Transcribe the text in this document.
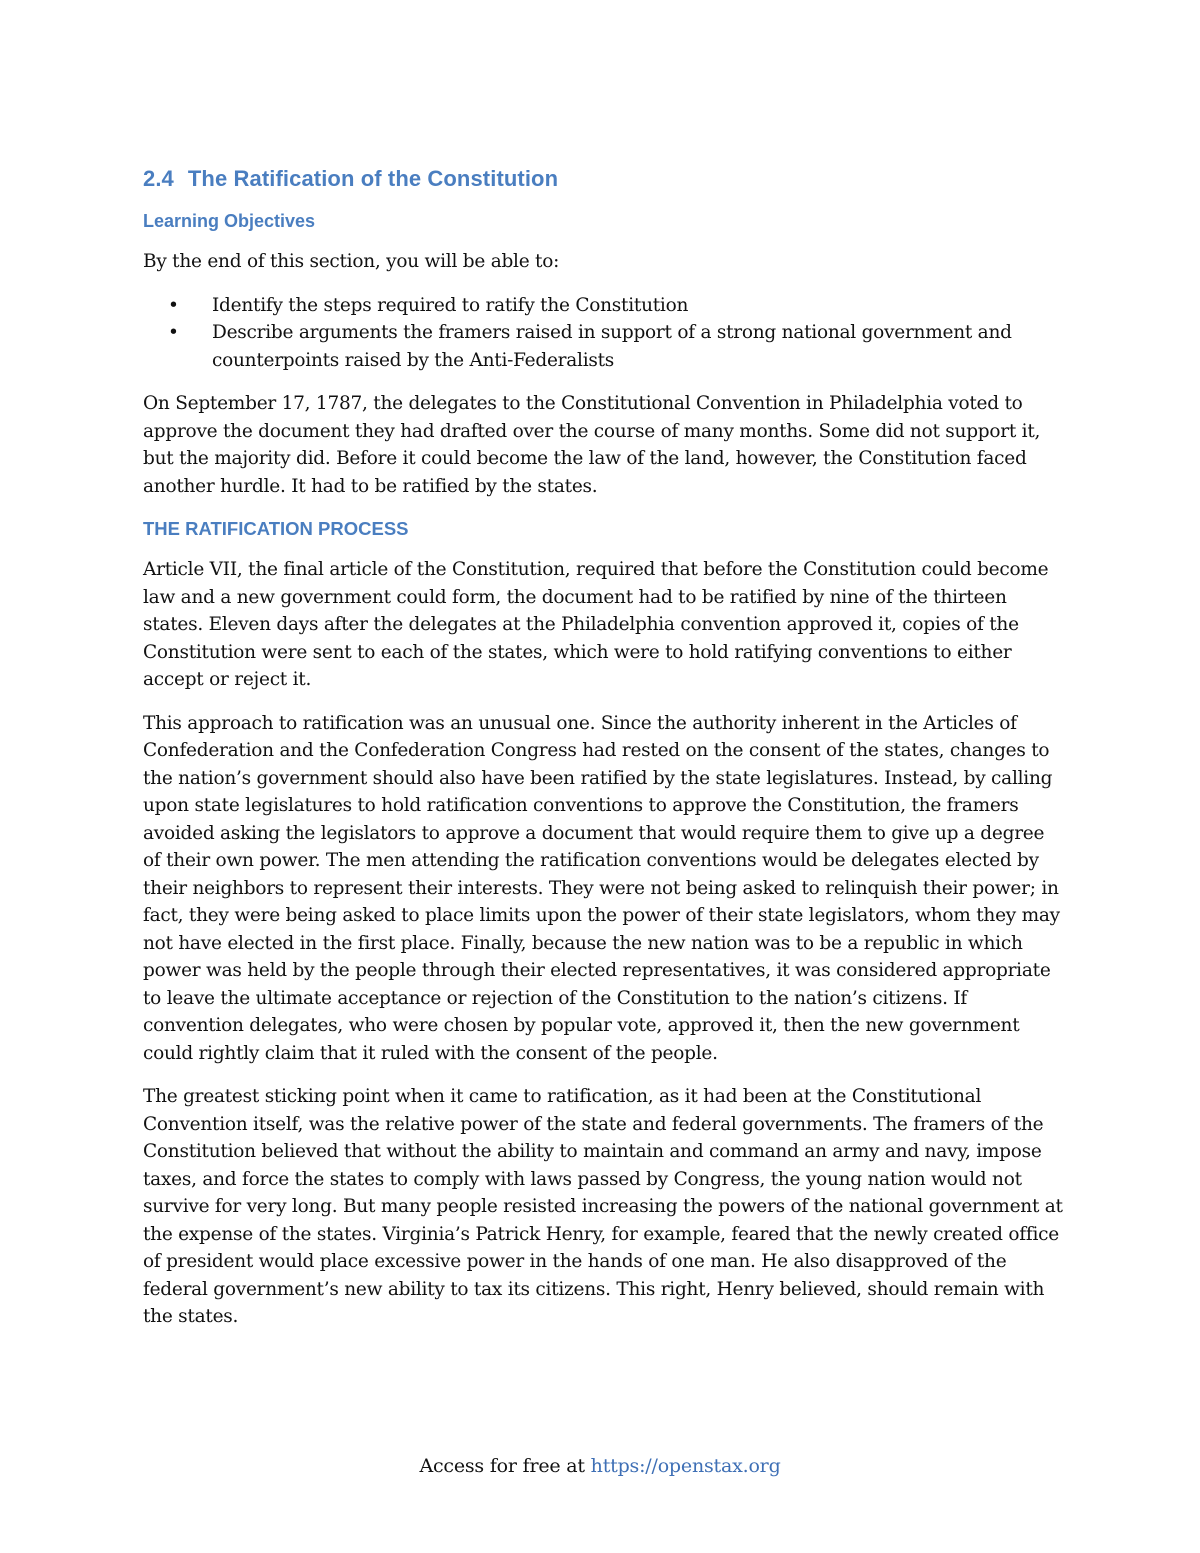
2.4 The Ratification of the Constitution
Learning Objectives

By the end of this section, you will be able to:

• Identify the steps required to ratify the Constitution
• Describe arguments the framers raised in support of a strong national government and counterpoints raised by the Anti-Federalists

On September 17, 1787, the delegates to the Constitutional Convention in Philadelphia voted to approve the document they had drafted over the course of many months. Some did not support it, but the majority did. Before it could become the law of the land, however, the Constitution faced another hurdle. It had to be ratified by the states.

THE RATIFICATION PROCESS

Article VII, the final article of the Constitution, required that before the Constitution could become law and a new government could form, the document had to be ratified by nine of the thirteen states. Eleven days after the delegates at the Philadelphia convention approved it, copies of the Constitution were sent to each of the states, which were to hold ratifying conventions to either accept or reject it.

This approach to ratification was an unusual one. Since the authority inherent in the Articles of Confederation and the Confederation Congress had rested on the consent of the states, changes to the nation’s government should also have been ratified by the state legislatures. Instead, by calling upon state legislatures to hold ratification conventions to approve the Constitution, the framers avoided asking the legislators to approve a document that would require them to give up a degree of their own power. The men attending the ratification conventions would be delegates elected by their neighbors to represent their interests. They were not being asked to relinquish their power; in fact, they were being asked to place limits upon the power of their state legislators, whom they may not have elected in the first place. Finally, because the new nation was to be a republic in which power was held by the people through their elected representatives, it was considered appropriate to leave the ultimate acceptance or rejection of the Constitution to the nation’s citizens. If convention delegates, who were chosen by popular vote, approved it, then the new government could rightly claim that it ruled with the consent of the people.

The greatest sticking point when it came to ratification, as it had been at the Constitutional Convention itself, was the relative power of the state and federal governments. The framers of the Constitution believed that without the ability to maintain and command an army and navy, impose taxes, and force the states to comply with laws passed by Congress, the young nation would not survive for very long. But many people resisted increasing the powers of the national government at the expense of the states. Virginia’s Patrick Henry, for example, feared that the newly created office of president would place excessive power in the hands of one man. He also disapproved of the federal government’s new ability to tax its citizens. This right, Henry believed, should remain with the states.

Access for free at https://openstax.org
